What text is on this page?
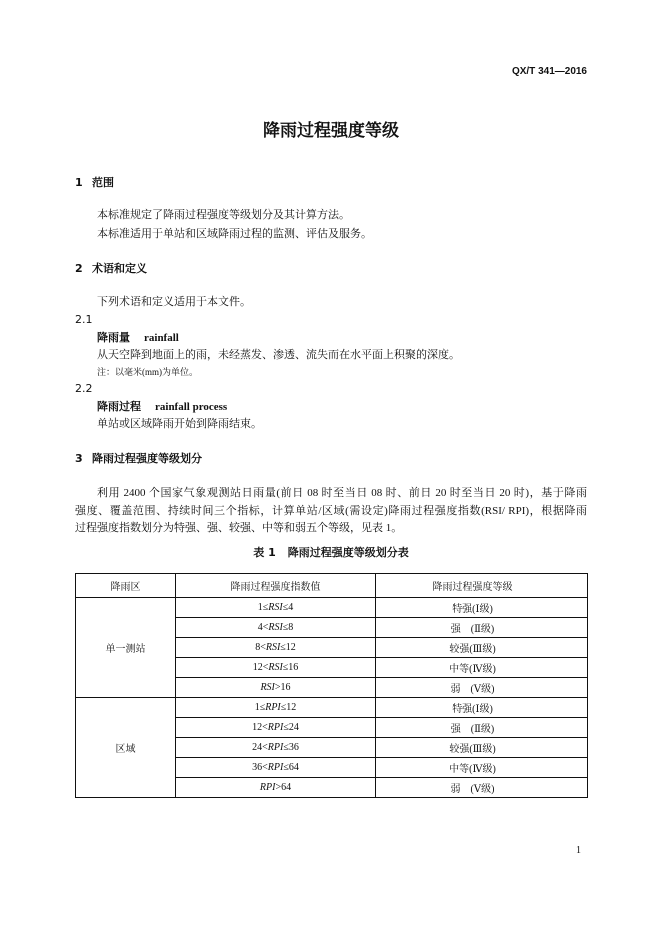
QX/T 341—2016
降雨过程强度等级
1 范围
本标准规定了降雨过程强度等级划分及其计算方法。
本标准适用于单站和区域降雨过程的监测、评估及服务。
2 术语和定义
下列术语和定义适用于本文件。
2.1
降雨量 rainfall
从天空降到地面上的雨，未经蒸发、渗透、流失而在水平面上积聚的深度。
注：以毫米(mm)为单位。
2.2
降雨过程 rainfall process
单站或区域降雨开始到降雨结束。
3 降雨过程强度等级划分
利用 2400 个国家气象观测站日雨量(前日 08 时至当日 08 时、前日 20 时至当日 20 时)，基于降雨
强度、覆盖范围、持续时间三个指标，计算单站/区域(需设定)降雨过程强度指数(RSI/ RPI)，根据降雨
过程强度指数划分为特强、强、较强、中等和弱五个等级，见表 1。
表 1 降雨过程强度等级划分表
降雨区	降雨过程强度指数值	降雨过程强度等级
单一测站	1≤RSI≤4	特强(Ⅰ级)
	4<RSI≤8	强　(Ⅱ级)
	8<RSI≤12	较强(Ⅲ级)
	12<RSI≤16	中等(Ⅳ级)
	RSI>16	弱　(Ⅴ级)
区域	1≤RPI≤12	特强(Ⅰ级)
	12<RPI≤24	强　(Ⅱ级)
	24<RPI≤36	较强(Ⅲ级)
	36<RPI≤64	中等(Ⅳ级)
	RPI>64	弱　(Ⅴ级)
1
